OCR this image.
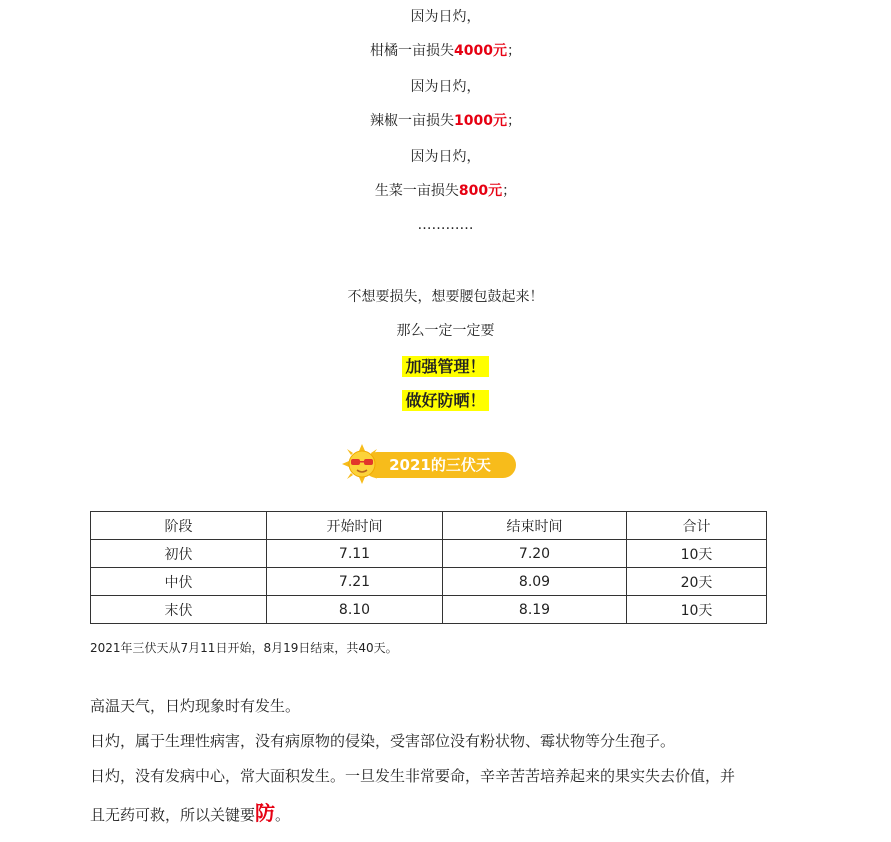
因为日灼，
柑橘一亩损失4000元；
因为日灼，
辣椒一亩损失1000元；
因为日灼，
生菜一亩损失800元；
…………
不想要损失，想要腰包鼓起来！
那么一定一定要
加强管理！
做好防晒！
2021的三伏天
阶段	开始时间	结束时间	合计
初伏	7.11	7.20	10天
中伏	7.21	8.09	20天
末伏	8.10	8.19	10天
2021年三伏天从7月11日开始，8月19日结束，共40天。
高温天气，日灼现象时有发生。
日灼，属于生理性病害，没有病原物的侵染，受害部位没有粉状物、霉状物等分生孢子。
日灼，没有发病中心，常大面积发生。一旦发生非常要命，辛辛苦苦培养起来的果实失去价值，并
且无药可救，所以关键要防。
